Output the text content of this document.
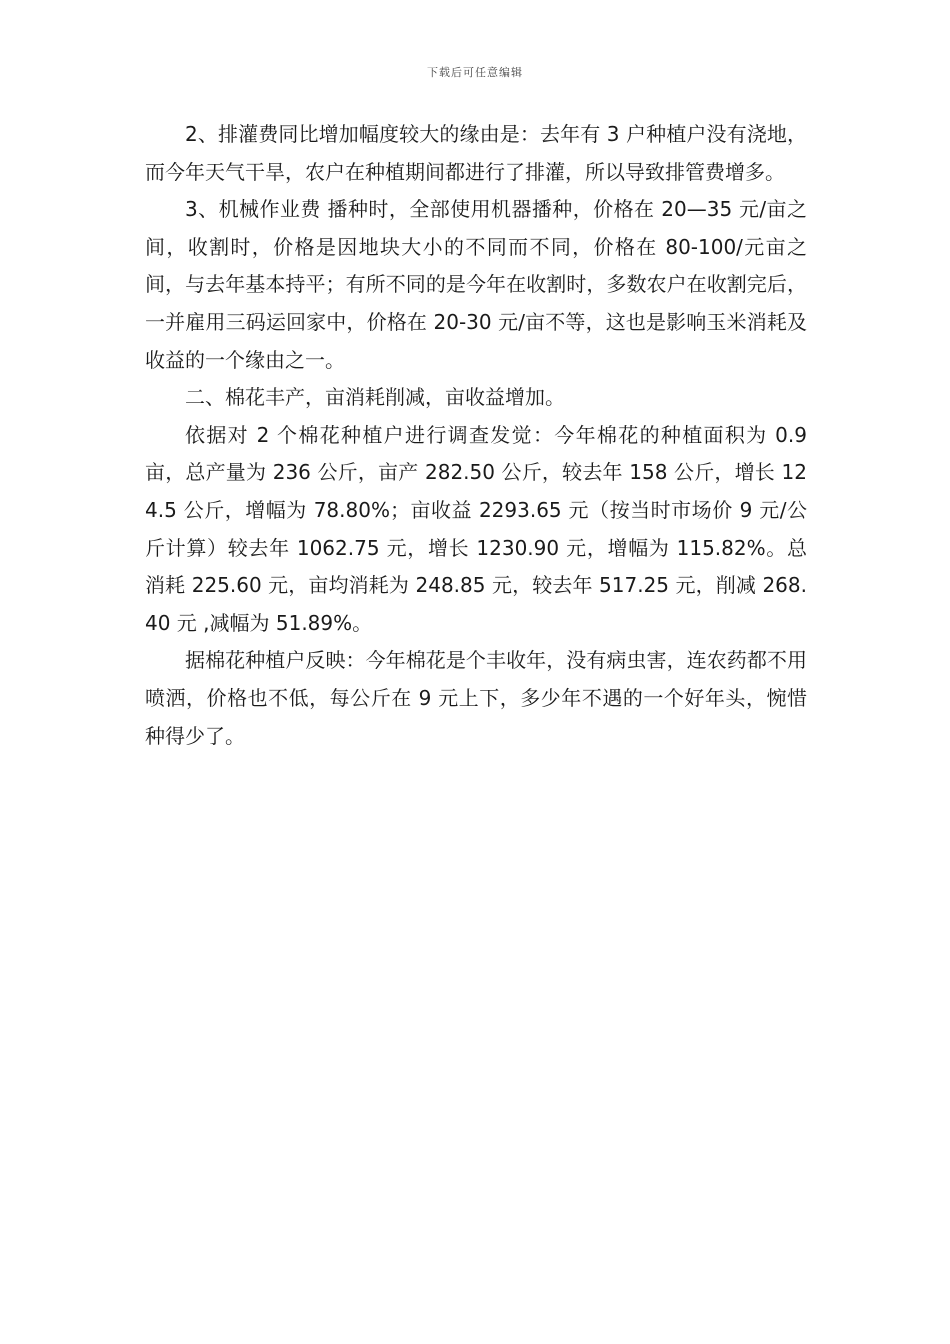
下载后可任意编辑

2、排灌费同比增加幅度较大的缘由是：去年有 3 户种植户没有浇地，而今年天气干旱，农户在种植期间都进行了排灌，所以导致排管费增多。

3、机械作业费 播种时，全部使用机器播种，价格在 20—35 元/亩之间，收割时，价格是因地块大小的不同而不同，价格在 80-100/元亩之间，与去年基本持平；有所不同的是今年在收割时，多数农户在收割完后，一并雇用三码运回家中，价格在 20-30 元/亩不等，这也是影响玉米消耗及收益的一个缘由之一。

二、棉花丰产，亩消耗削减，亩收益增加。

依据对 2 个棉花种植户进行调查发觉：今年棉花的种植面积为 0.9 亩，总产量为 236 公斤，亩产 282.50 公斤，较去年 158 公斤，增长 124.5 公斤，增幅为 78.80%；亩收益 2293.65 元（按当时市场价 9 元/公斤计算）较去年 1062.75 元，增长 1230.90 元，增幅为 115.82%。总消耗 225.60 元，亩均消耗为 248.85 元，较去年 517.25 元，削减 268.40 元 ,减幅为 51.89%。

据棉花种植户反映：今年棉花是个丰收年，没有病虫害，连农药都不用喷洒，价格也不低，每公斤在 9 元上下，多少年不遇的一个好年头，惋惜种得少了。
